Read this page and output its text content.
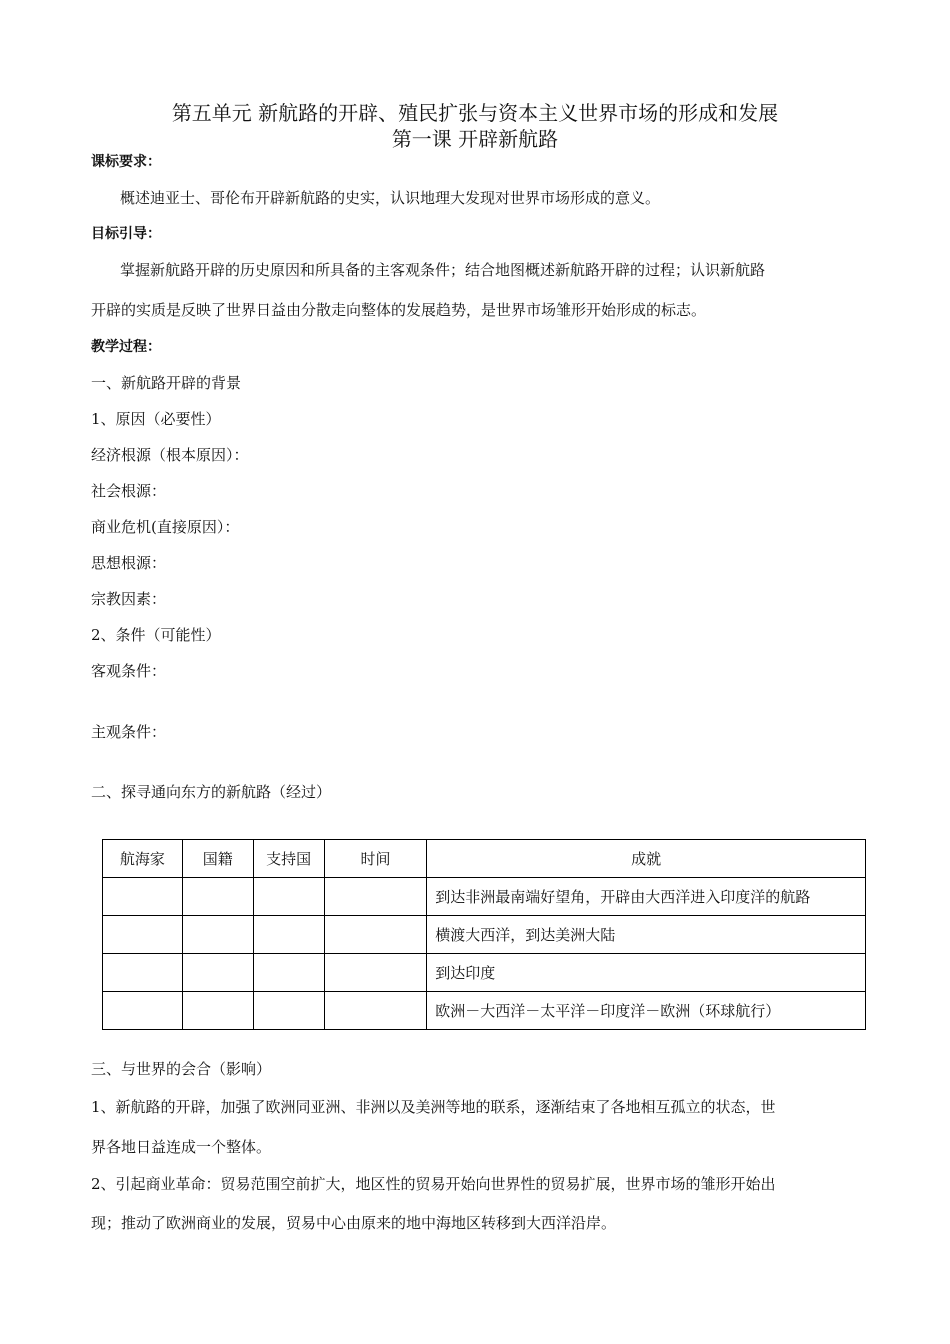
第五单元 新航路的开辟、殖民扩张与资本主义世界市场的形成和发展
第一课 开辟新航路
课标要求：
概述迪亚士、哥伦布开辟新航路的史实，认识地理大发现对世界市场形成的意义。
目标引导：
掌握新航路开辟的历史原因和所具备的主客观条件；结合地图概述新航路开辟的过程；认识新航路
开辟的实质是反映了世界日益由分散走向整体的发展趋势，是世界市场雏形开始形成的标志。
教学过程：
一、新航路开辟的背景
1、原因（必要性）
经济根源（根本原因）：
社会根源：
商业危机(直接原因）：
思想根源：
宗教因素：
2、条件（可能性）
客观条件：
主观条件：
二、探寻通向东方的新航路（经过）
航海家	国籍	支持国	时间	成就
				到达非洲最南端好望角，开辟由大西洋进入印度洋的航路
				横渡大西洋，到达美洲大陆
				到达印度
				欧洲－大西洋－太平洋－印度洋－欧洲（环球航行）
三、与世界的会合（影响）
1、新航路的开辟，加强了欧洲同亚洲、非洲以及美洲等地的联系，逐渐结束了各地相互孤立的状态，世
界各地日益连成一个整体。
2、引起商业革命：贸易范围空前扩大，地区性的贸易开始向世界性的贸易扩展，世界市场的雏形开始出
现；推动了欧洲商业的发展，贸易中心由原来的地中海地区转移到大西洋沿岸。
